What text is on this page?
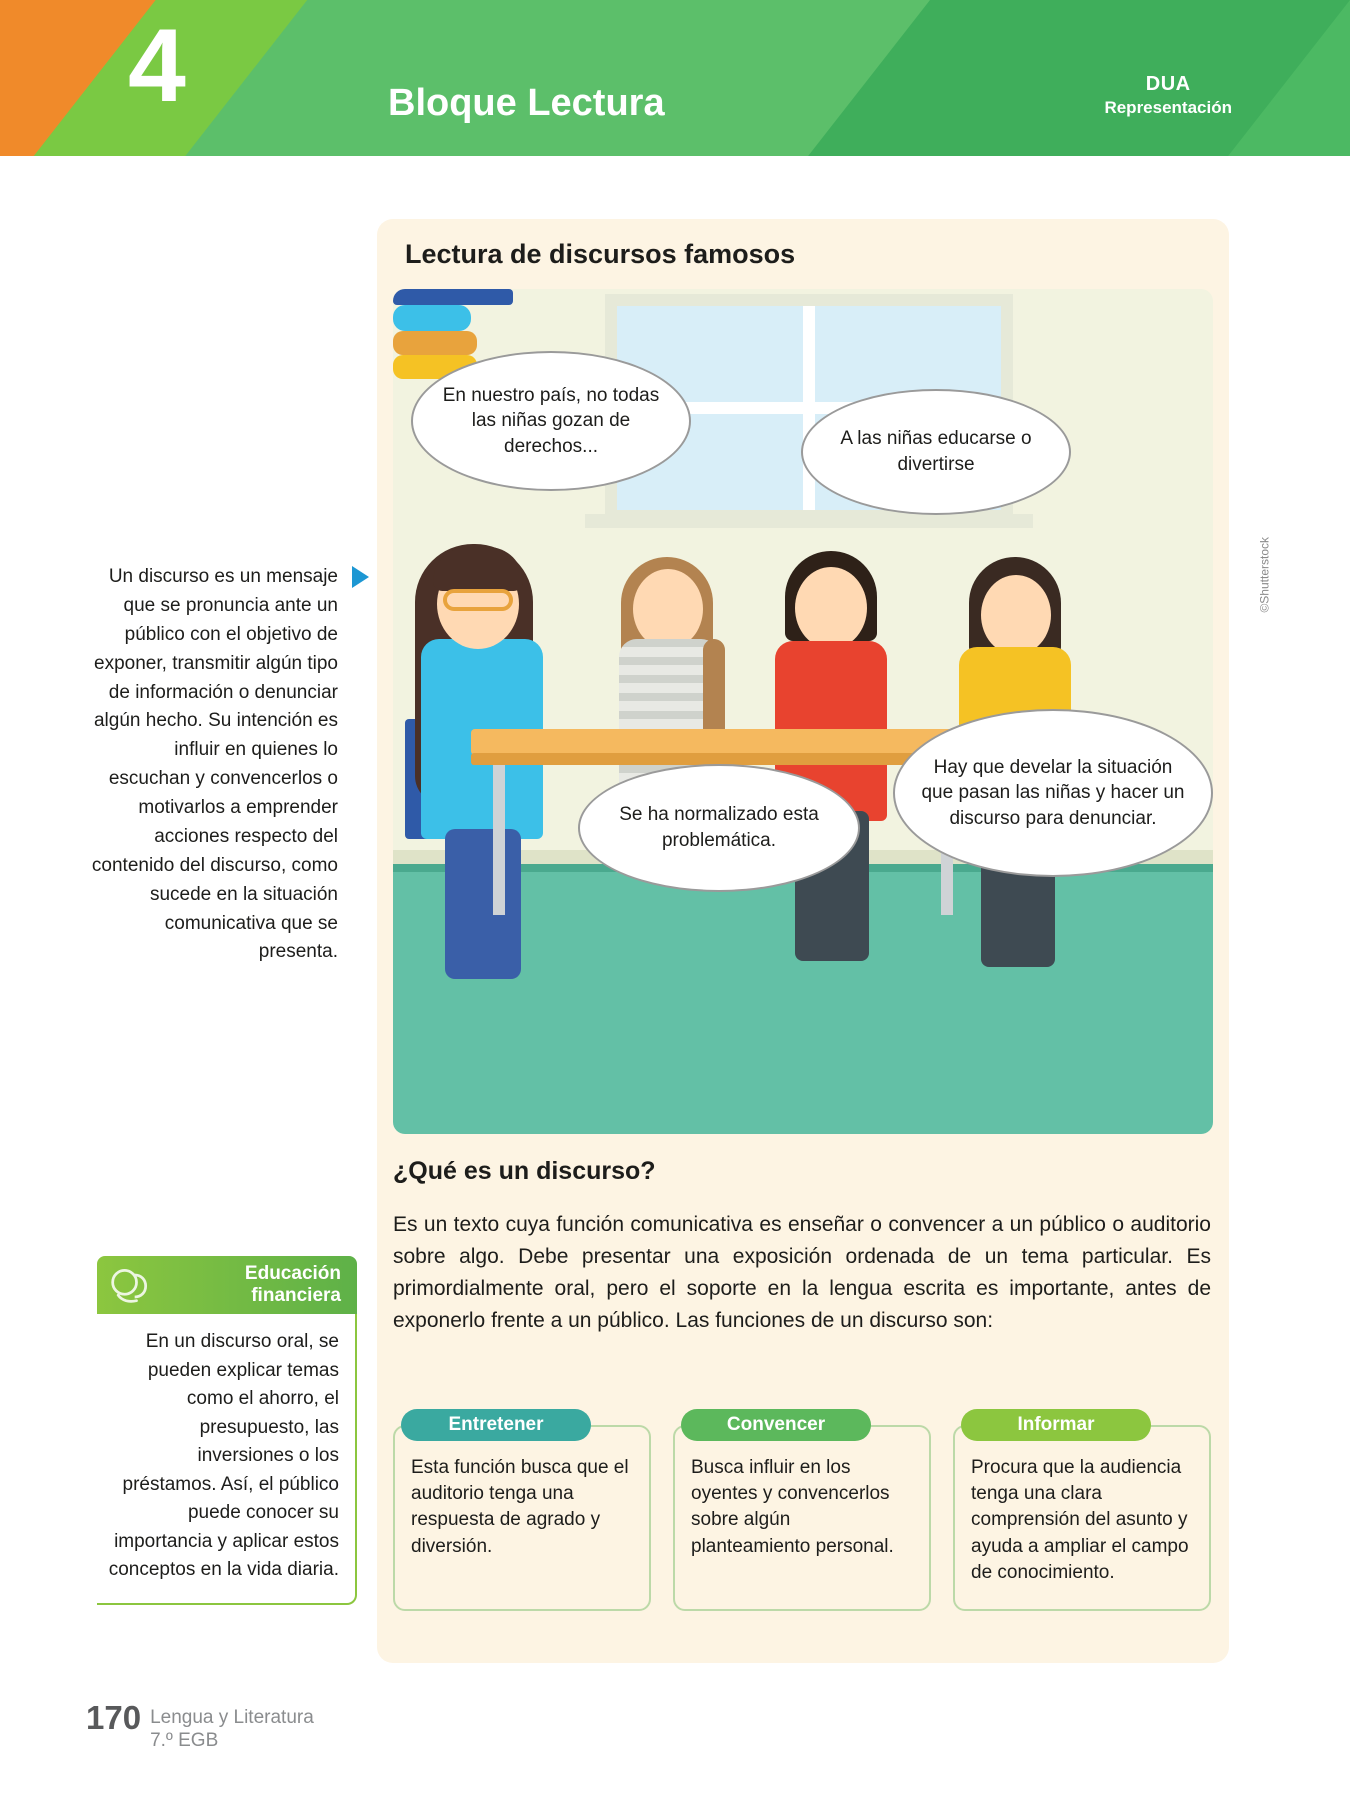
4	Bloque Lectura	DUA
Representación
Un discurso es un mensaje que se pronuncia ante un público con el objetivo de exponer, transmitir algún tipo de información o denunciar algún hecho. Su intención es influir en quienes lo escuchan y convencerlos o motivarlos a emprender acciones respecto del contenido del discurso, como sucede en la situación comunicativa que se presenta.
Educación
financiera
En un discurso oral, se pueden explicar temas como el ahorro, el presupuesto, las inversiones o los préstamos. Así, el público puede conocer su importancia y aplicar estos conceptos en la vida diaria.
Lectura de discursos famosos
En nuestro país, no todas las niñas gozan de derechos...	A las niñas educarse o divertirse
Se ha normalizado esta problemática.
Hay que develar la situación que pasan las niñas y hacer un discurso para denunciar.
©Shutterstock
¿Qué es un discurso?
Es un texto cuya función comunicativa es enseñar o convencer a un público o auditorio sobre algo. Debe presentar una exposición ordenada de un tema particular. Es primordialmente oral, pero el soporte en la lengua escrita es importante, antes de exponerlo frente a un público. Las funciones de un discurso son:
Entretener
Esta función busca que el auditorio tenga una respuesta de agrado y diversión.
Convencer
Busca influir en los oyentes y convencerlos sobre algún planteamiento personal.
Informar
Procura que la audiencia tenga una clara comprensión del asunto y ayuda a ampliar el campo de conocimiento.
170 Lengua y Literatura
7.º EGB
